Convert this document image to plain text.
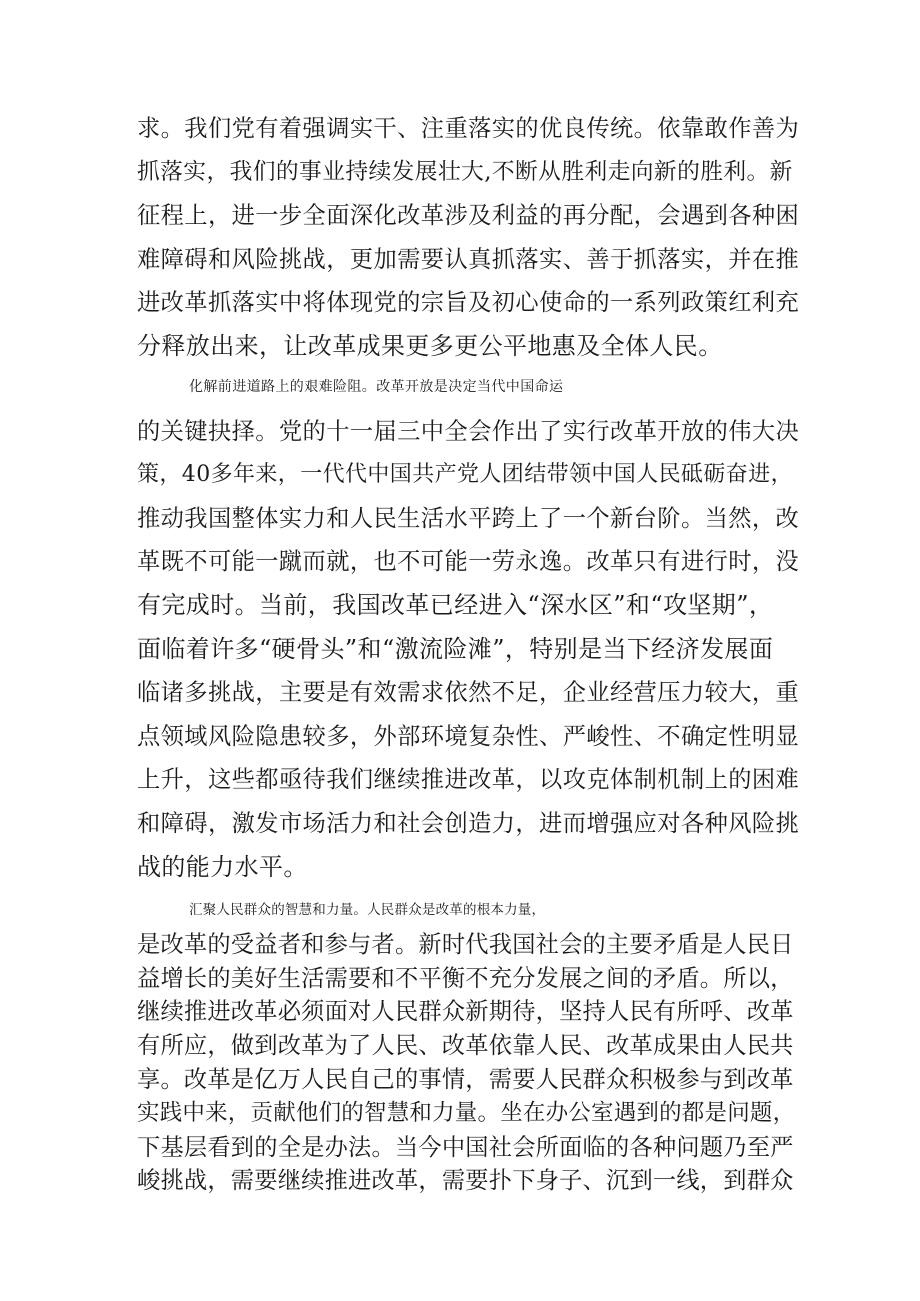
求。我们党有着强调实干、注重落实的优良传统。依靠敢作善为
抓落实，我们的事业持续发展壮大,不断从胜利走向新的胜利。新
征程上，进一步全面深化改革涉及利益的再分配，会遇到各种困
难障碍和风险挑战，更加需要认真抓落实、善于抓落实，并在推
进改革抓落实中将体现党的宗旨及初心使命的一系列政策红利充
分释放出来，让改革成果更多更公平地惠及全体人民。
化解前进道路上的艰难险阻。改革开放是决定当代中国命运
的关键抉择。党的十一届三中全会作出了实行改革开放的伟大决
策，40多年来，一代代中国共产党人团结带领中国人民砥砺奋进，
推动我国整体实力和人民生活水平跨上了一个新台阶。当然，改
革既不可能一蹴而就，也不可能一劳永逸。改革只有进行时，没
有完成时。当前，我国改革已经进入“深水区”和“攻坚期”，
面临着许多“硬骨头”和“激流险滩”，特别是当下经济发展面
临诸多挑战，主要是有效需求依然不足，企业经营压力较大，重
点领域风险隐患较多，外部环境复杂性、严峻性、不确定性明显
上升，这些都亟待我们继续推进改革，以攻克体制机制上的困难
和障碍，激发市场活力和社会创造力，进而增强应对各种风险挑
战的能力水平。
汇聚人民群众的智慧和力量。人民群众是改革的根本力量，
是改革的受益者和参与者。新时代我国社会的主要矛盾是人民日
益增长的美好生活需要和不平衡不充分发展之间的矛盾。所以，
继续推进改革必须面对人民群众新期待，坚持人民有所呼、改革
有所应，做到改革为了人民、改革依靠人民、改革成果由人民共
享。改革是亿万人民自己的事情，需要人民群众积极参与到改革
实践中来，贡献他们的智慧和力量。坐在办公室遇到的都是问题，
下基层看到的全是办法。当今中国社会所面临的各种问题乃至严
峻挑战，需要继续推进改革，需要扑下身子、沉到一线，到群众
